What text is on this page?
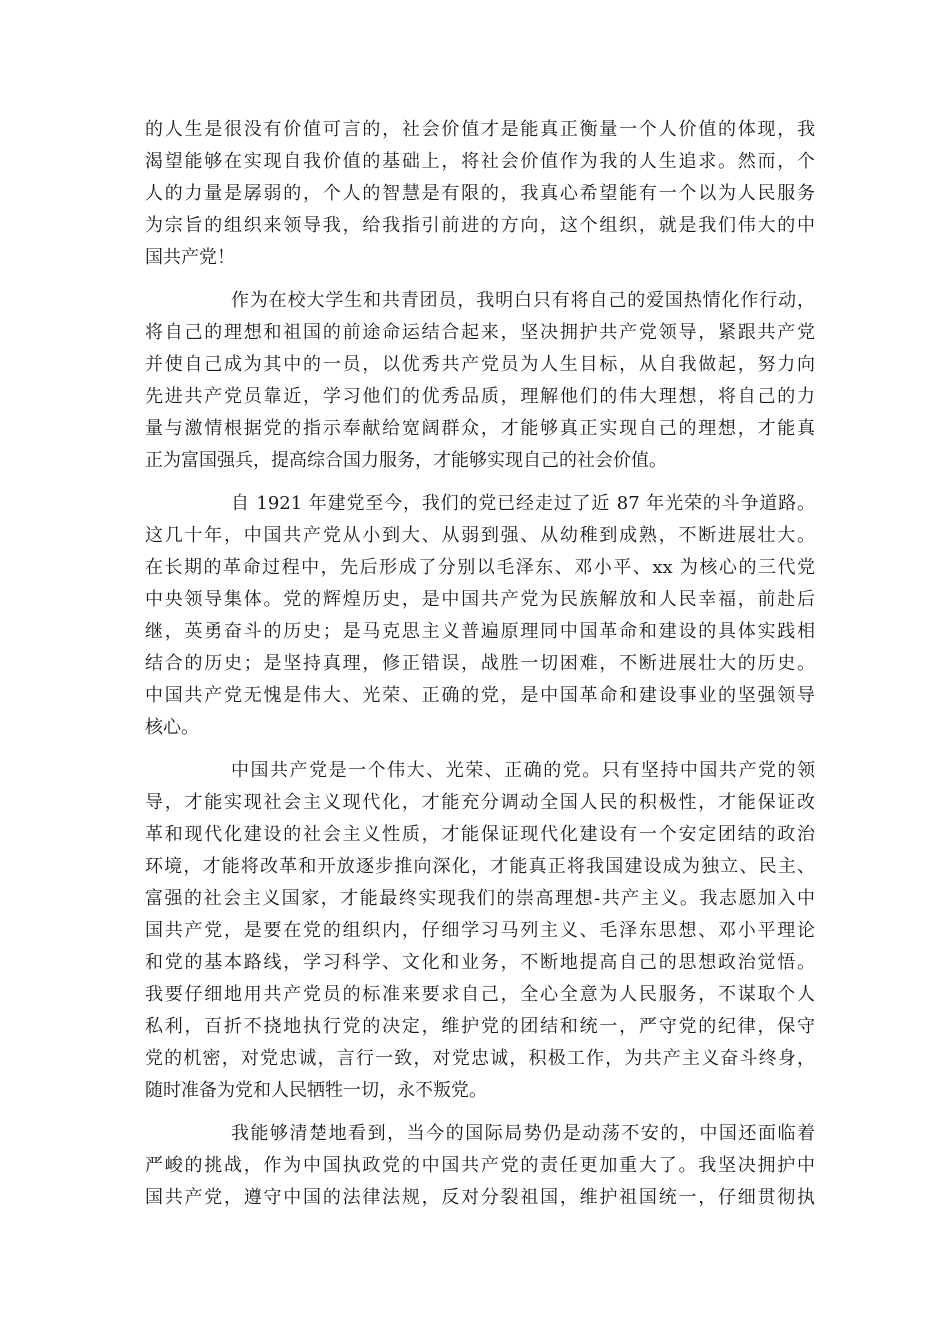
的人生是很没有价值可言的，社会价值才是能真正衡量一个人价值的体现，我
渴望能够在实现自我价值的基础上，将社会价值作为我的人生追求。然而，个
人的力量是孱弱的，个人的智慧是有限的，我真心希望能有一个以为人民服务
为宗旨的组织来领导我，给我指引前进的方向，这个组织，就是我们伟大的中
国共产党！
作为在校大学生和共青团员，我明白只有将自己的爱国热情化作行动，
将自己的理想和祖国的前途命运结合起来，坚决拥护共产党领导，紧跟共产党
并使自己成为其中的一员，以优秀共产党员为人生目标，从自我做起，努力向
先进共产党员靠近，学习他们的优秀品质，理解他们的伟大理想，将自己的力
量与激情根据党的指示奉献给宽阔群众，才能够真正实现自己的理想，才能真
正为富国强兵，提高综合国力服务，才能够实现自己的社会价值。
自 1921 年建党至今，我们的党已经走过了近 87 年光荣的斗争道路。
这几十年，中国共产党从小到大、从弱到强、从幼稚到成熟，不断进展壮大。
在长期的革命过程中，先后形成了分别以毛泽东、邓小平、xx 为核心的三代党
中央领导集体。党的辉煌历史，是中国共产党为民族解放和人民幸福，前赴后
继，英勇奋斗的历史；是马克思主义普遍原理同中国革命和建设的具体实践相
结合的历史；是坚持真理，修正错误，战胜一切困难，不断进展壮大的历史。
中国共产党无愧是伟大、光荣、正确的党，是中国革命和建设事业的坚强领导
核心。
中国共产党是一个伟大、光荣、正确的党。只有坚持中国共产党的领
导，才能实现社会主义现代化，才能充分调动全国人民的积极性，才能保证改
革和现代化建设的社会主义性质，才能保证现代化建设有一个安定团结的政治
环境，才能将改革和开放逐步推向深化，才能真正将我国建设成为独立、民主、
富强的社会主义国家，才能最终实现我们的崇高理想-共产主义。我志愿加入中
国共产党，是要在党的组织内，仔细学习马列主义、毛泽东思想、邓小平理论
和党的基本路线，学习科学、文化和业务，不断地提高自己的思想政治觉悟。
我要仔细地用共产党员的标准来要求自己，全心全意为人民服务，不谋取个人
私利，百折不挠地执行党的决定，维护党的团结和统一，严守党的纪律，保守
党的机密，对党忠诚，言行一致，对党忠诚，积极工作，为共产主义奋斗终身，
随时准备为党和人民牺牲一切，永不叛党。
我能够清楚地看到，当今的国际局势仍是动荡不安的，中国还面临着
严峻的挑战，作为中国执政党的中国共产党的责任更加重大了。我坚决拥护中
国共产党，遵守中国的法律法规，反对分裂祖国，维护祖国统一，仔细贯彻执
